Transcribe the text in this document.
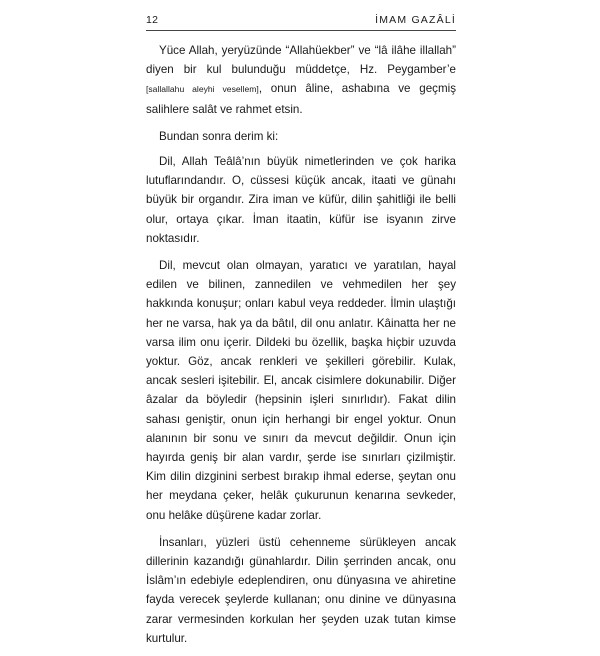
12	İMAM GAZÂLİ

Yüce Allah, yeryüzünde “Allahüekber” ve “lâ ilâhe illallah” diyen bir kul bulunduğu müddetçe, Hz. Peygamber’e [sallallahu aleyhi vesellem], onun âline, ashabına ve geçmiş salihlere salât ve rahmet etsin.

Bundan sonra derim ki:

Dil, Allah Teâlâ’nın büyük nimetlerinden ve çok harika lutuflarındandır. O, cüssesi küçük ancak, itaati ve günahı büyük bir organdır. Zira iman ve küfür, dilin şahitliği ile belli olur, ortaya çıkar. İman itaatin, küfür ise isyanın zirve noktasıdır.

Dil, mevcut olan olmayan, yaratıcı ve yaratılan, hayal edilen ve bilinen, zannedilen ve vehmedilen her şey hakkında konuşur; onları kabul veya reddeder. İlmin ulaştığı her ne varsa, hak ya da bâtıl, dil onu anlatır. Kâinatta her ne varsa ilim onu içerir. Dildeki bu özellik, başka hiçbir uzuvda yoktur. Göz, ancak renkleri ve şekilleri görebilir. Kulak, ancak sesleri işitebilir. El, ancak cisimlere dokunabilir. Diğer âzalar da böyledir (hepsinin işleri sınırlıdır). Fakat dilin sahası geniştir, onun için herhangi bir engel yoktur. Onun alanının bir sonu ve sınırı da mevcut değildir. Onun için hayırda geniş bir alan vardır, şerde ise sınırları çizilmiştir. Kim dilin dizginini serbest bırakıp ihmal ederse, şeytan onu her meydana çeker, helâk çukurunun kenarına sevkeder, onu helâke düşürene kadar zorlar.

İnsanları, yüzleri üstü cehenneme sürükleyen ancak dillerinin kazandığı günahlardır. Dilin şerrinden ancak, onu İslâm’ın edebiyle edeplendiren, onu dünyasına ve ahiretine fayda verecek şeylerde kullanan; onu dinine ve dünyasına zarar vermesinden korkulan her şeyden uzak tutan kimse kurtulur.
